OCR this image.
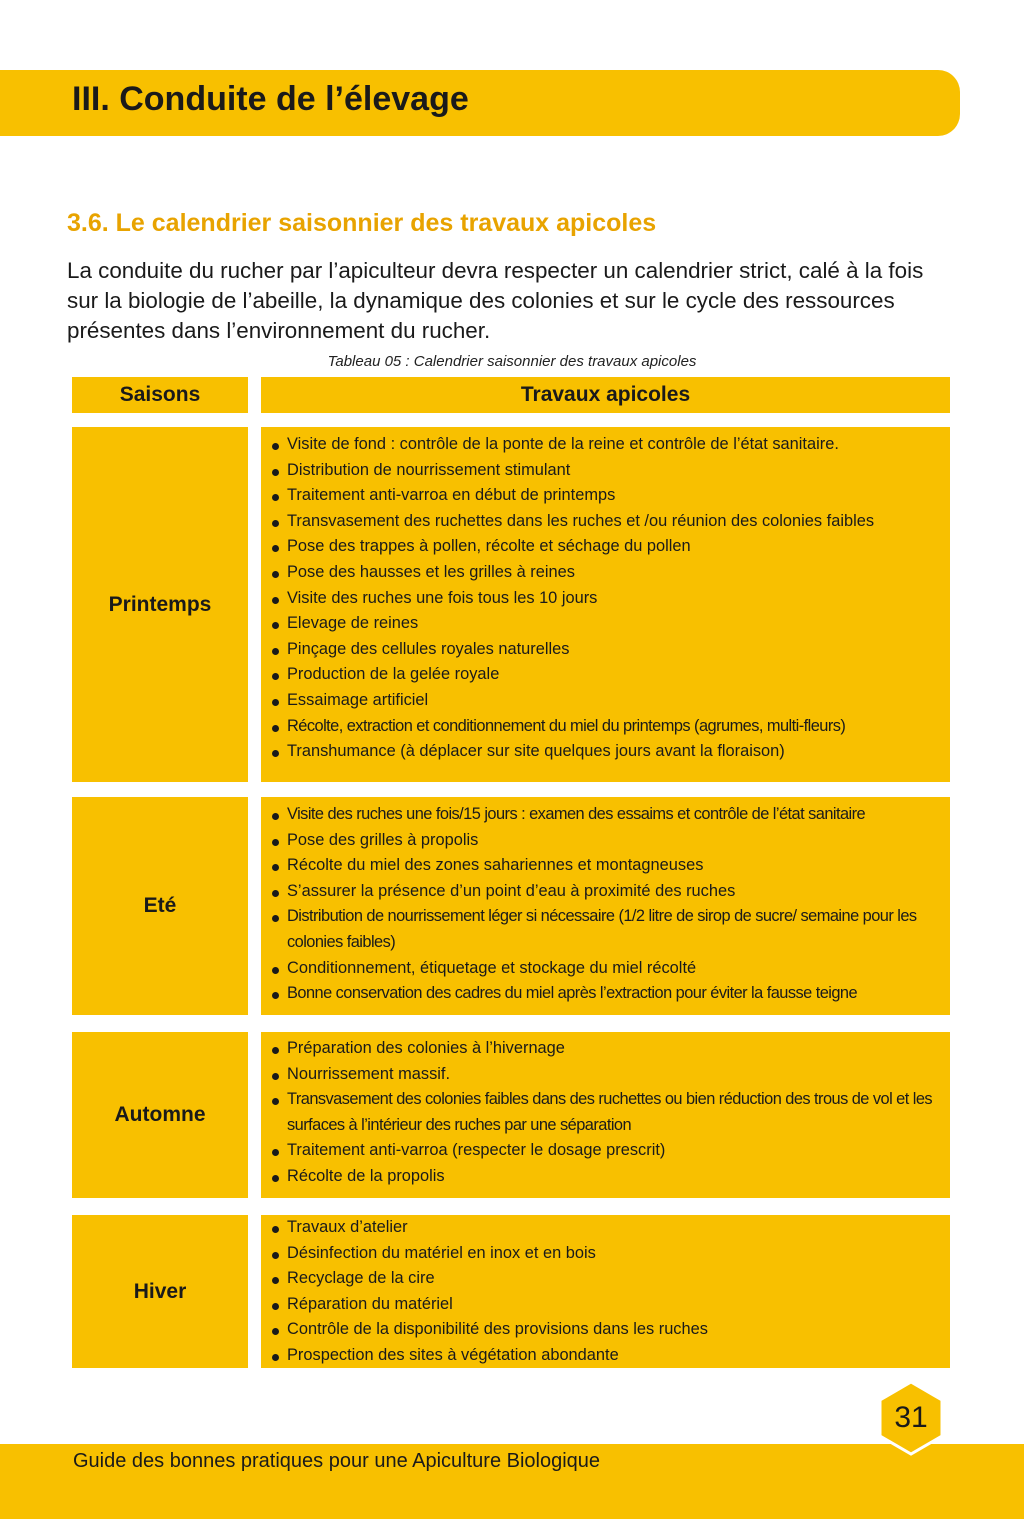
III. Conduite de l’élevage
3.6. Le calendrier saisonnier des travaux apicoles

La conduite du rucher par l’apiculteur devra respecter un calendrier strict, calé à la fois sur la biologie de l’abeille, la dynamique des colonies et sur le cycle des ressources présentes dans l’environnement du rucher.

Tableau 05 : Calendrier saisonnier des travaux apicoles
Saisons	Travaux apicoles
Printemps
Visite de fond : contrôle de la ponte de la reine et contrôle de l’état sanitaire.
Distribution de nourrissement stimulant
Traitement anti-varroa en début de printemps
Transvasement des ruchettes dans les ruches et /ou réunion des colonies faibles
Pose des trappes à pollen, récolte et séchage du pollen
Pose des hausses et les grilles à reines
Visite des ruches une fois tous les 10 jours
Elevage de reines
Pinçage des cellules royales naturelles
Production de la gelée royale
Essaimage artificiel
Récolte, extraction et conditionnement du miel du printemps (agrumes, multi-fleurs)
Transhumance (à déplacer sur site quelques jours avant la floraison)
Eté
Visite des ruches une fois/15 jours : examen des essaims et contrôle de l’état sanitaire
Pose des grilles à propolis
Récolte du miel des zones sahariennes et montagneuses
S’assurer la présence d’un point d’eau à proximité des ruches
Distribution de nourrissement léger si nécessaire (1/2 litre de sirop de sucre/ semaine pour les colonies faibles)
Conditionnement, étiquetage et stockage du miel récolté
Bonne conservation des cadres du miel après l’extraction pour éviter la fausse teigne
Automne
Préparation des colonies à l’hivernage
Nourrissement massif.
Transvasement des colonies faibles dans des ruchettes ou bien réduction des trous de vol et les surfaces à l’intérieur des ruches par une séparation
Traitement anti-varroa (respecter le dosage prescrit)
Récolte de la propolis
Hiver
Travaux d’atelier
Désinfection du matériel en inox et en bois
Recyclage de la cire
Réparation du matériel
Contrôle de la disponibilité des provisions dans les ruches
Prospection des sites à végétation abondante
31
Guide des bonnes pratiques pour une Apiculture Biologique
